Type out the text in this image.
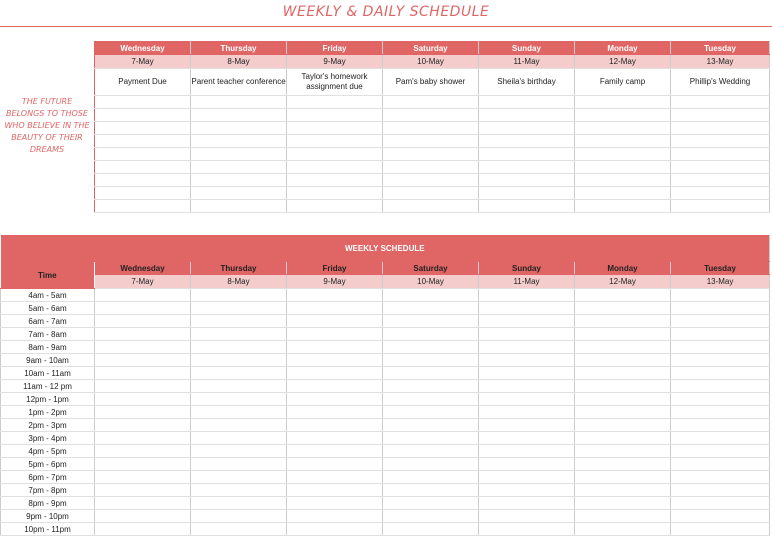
WEEKLY & DAILY SCHEDULE
THE FUTURE BELONGS TO THOSE WHO BELIEVE IN THE BEAUTY OF THEIR DREAMS
Wednesday	Thursday	Friday	Saturday	Sunday	Monday	Tuesday
7-May	8-May	9-May	10-May	11-May	12-May	13-May
Payment Due	Parent teacher conference	Taylor's homework assignment due	Pam's baby shower	Sheila's birthday	Family camp	Phillip's Wedding

WEEKLY SCHEDULE							
Time	Wednesday	Thursday	Friday	Saturday	Sunday	Monday	Tuesday
	7-May	8-May	9-May	10-May	11-May	12-May	13-May
4am - 5am							
5am - 6am							
6am - 7am							
7am - 8am							
8am - 9am							
9am - 10am							
10am - 11am							
11am - 12 pm							
12pm - 1pm							
1pm - 2pm							
2pm - 3pm							
3pm - 4pm							
4pm - 5pm							
5pm - 6pm							
6pm - 7pm							
7pm - 8pm							
8pm - 9pm							
9pm - 10pm							
10pm - 11pm							
